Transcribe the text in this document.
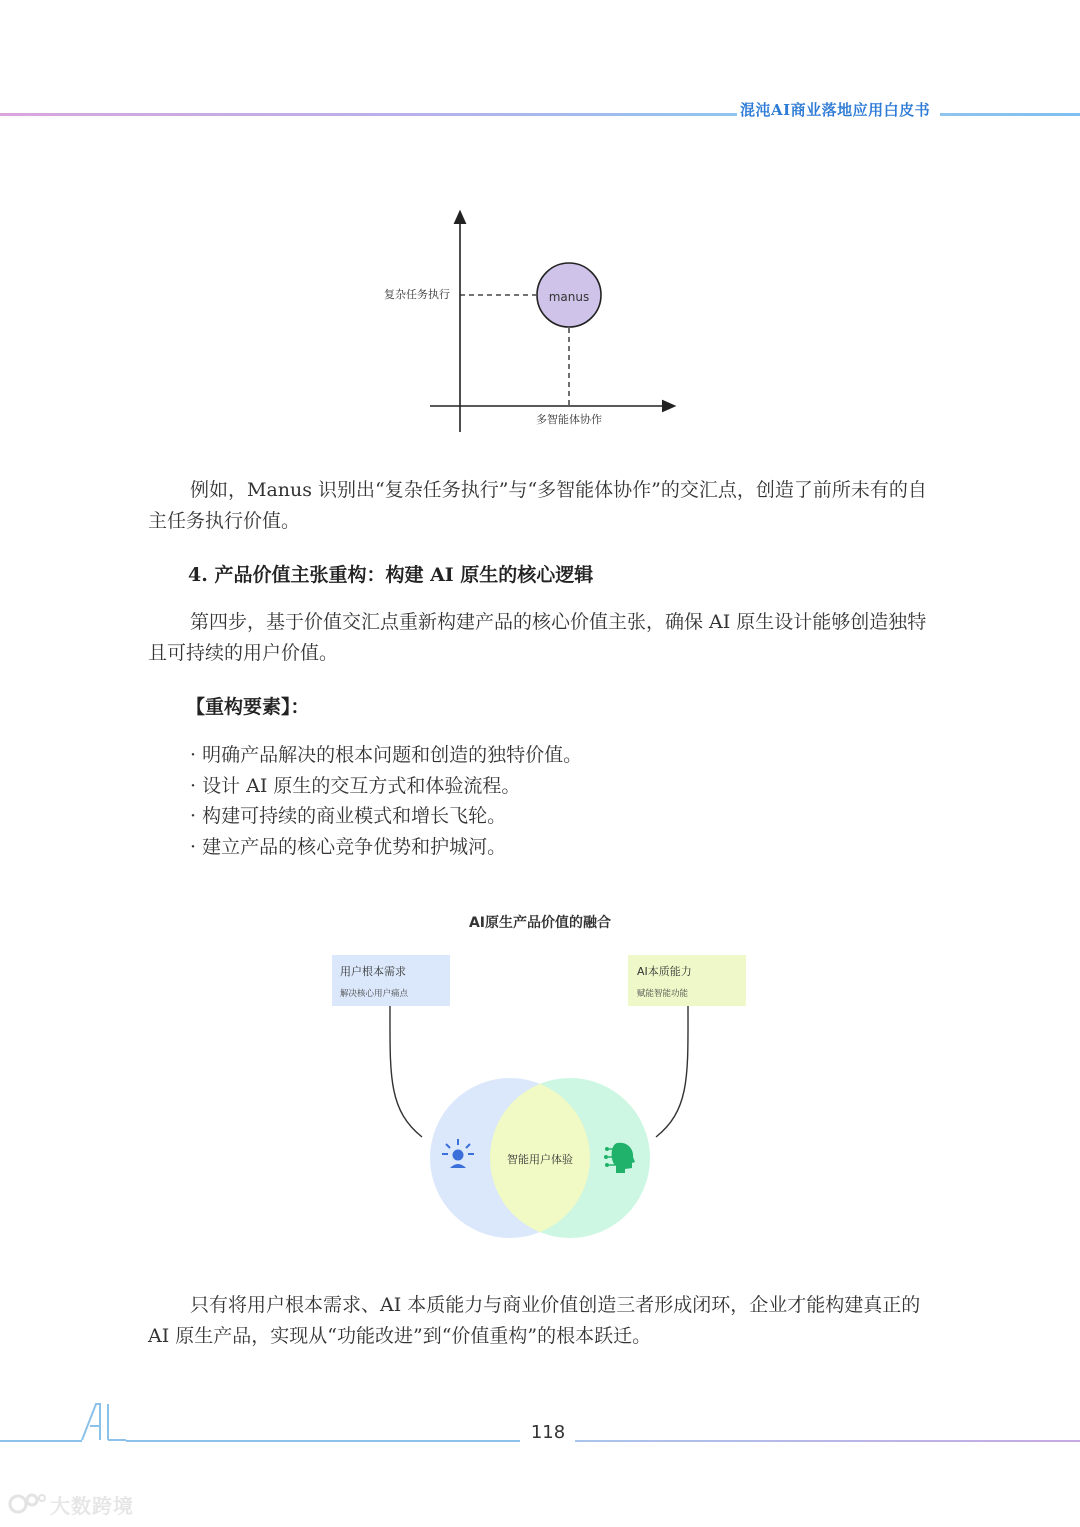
混沌AI商业落地应用白皮书
manus
复杂任务执行
多智能体协作
例如，Manus 识别出“复杂任务执行”与“多智能体协作”的交汇点，创造了前所未有的自主任务执行价值。
4. 产品价值主张重构：构建 AI 原生的核心逻辑
第四步，基于价值交汇点重新构建产品的核心价值主张，确保 AI 原生设计能够创造独特且可持续的用户价值。
【重构要素】：
· 明确产品解决的根本问题和创造的独特价值。
· 设计 AI 原生的交互方式和体验流程。
· 构建可持续的商业模式和增长飞轮。
· 建立产品的核心竞争优势和护城河。
AI原生产品价值的融合
用户根本需求
解决核心用户痛点
AI本质能力
赋能智能功能
智能用户体验
只有将用户根本需求、AI 本质能力与商业价值创造三者形成闭环，企业才能构建真正的 AI 原生产品，实现从“功能改进”到“价值重构”的根本跃迁。
118
大数跨境
